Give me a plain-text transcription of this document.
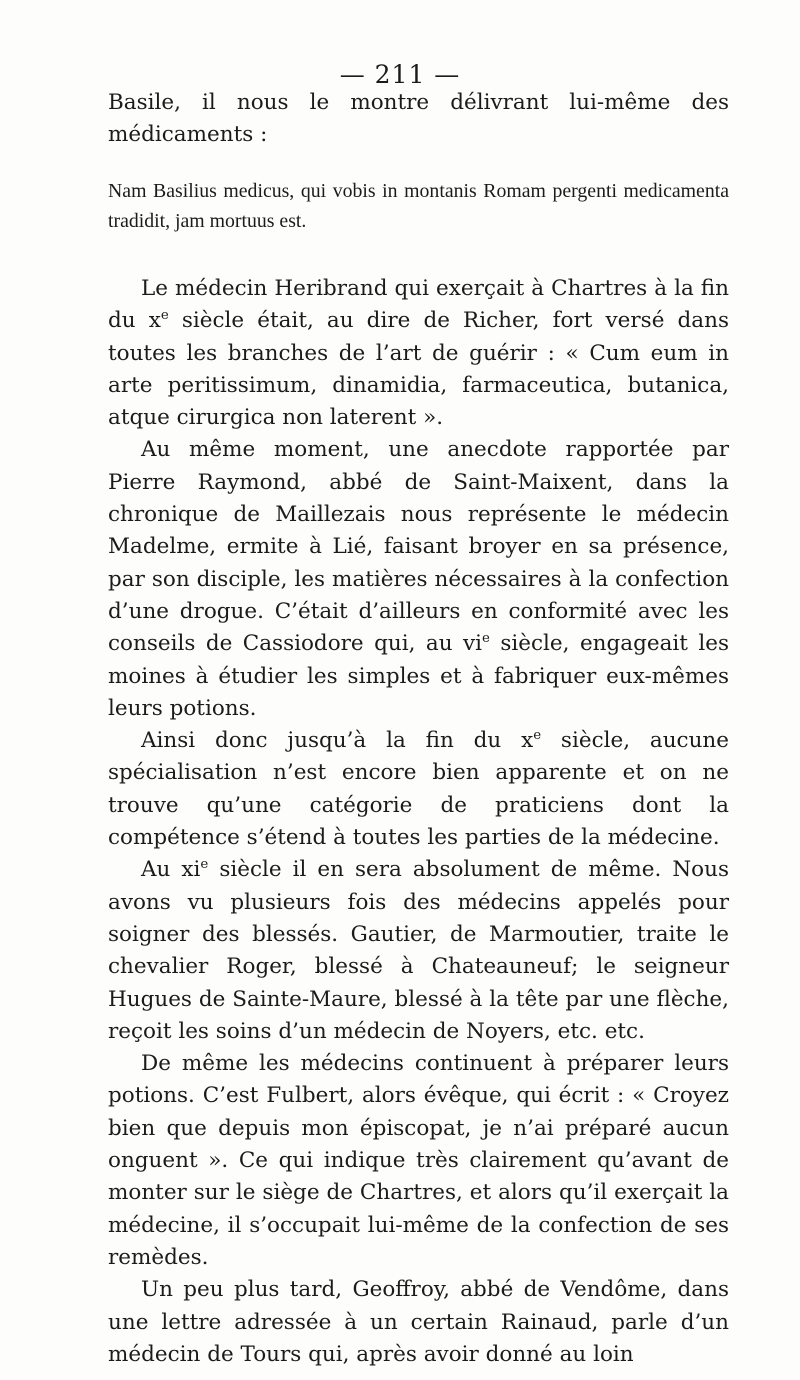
— 211 —

Basile, il nous le montre délivrant lui-même des médicaments :

Nam Basilius medicus, qui vobis in montanis Romam pergenti medicamenta tradidit, jam mortuus est.

Le médecin Heribrand qui exerçait à Chartres à la fin du $x^e$ siècle était, au dire de Richer, fort versé dans toutes les branches de l’art de guérir : « Cum eum in arte peritissimum, dinamidia, farmaceutica, butanica, atque cirurgica non laterent ».

Au même moment, une anecdote rapportée par Pierre Raymond, abbé de Saint-Maixent, dans la chronique de Maillezais nous représente le médecin Madelme, ermite à Lié, faisant broyer en sa présence, par son disciple, les matières nécessaires à la confection d’une drogue. C’était d’ailleurs en conformité avec les conseils de Cassiodore qui, au $vi^e$ siècle, engageait les moines à étudier les simples et à fabriquer eux-mêmes leurs potions.

Ainsi donc jusqu’à la fin du $x^e$ siècle, aucune spécialisation n’est encore bien apparente et on ne trouve qu’une catégorie de praticiens dont la compétence s’étend à toutes les parties de la médecine.

Au $xi^e$ siècle il en sera absolument de même. Nous avons vu plusieurs fois des médecins appelés pour soigner des blessés. Gautier, de Marmoutier, traite le chevalier Roger, blessé à Chateauneuf; le seigneur Hugues de Sainte-Maure, blessé à la tête par une flèche, reçoit les soins d’un médecin de Noyers, etc. etc.

De même les médecins continuent à préparer leurs potions. C’est Fulbert, alors évêque, qui écrit : « Croyez bien que depuis mon épiscopat, je n’ai préparé aucun onguent ». Ce qui indique très clairement qu’avant de monter sur le siège de Chartres, et alors qu’il exerçait la médecine, il s’occupait lui-même de la confection de ses remèdes.

Un peu plus tard, Geoffroy, abbé de Vendôme, dans une lettre adressée à un certain Rainaud, parle d’un médecin de Tours qui, après avoir donné au loin
